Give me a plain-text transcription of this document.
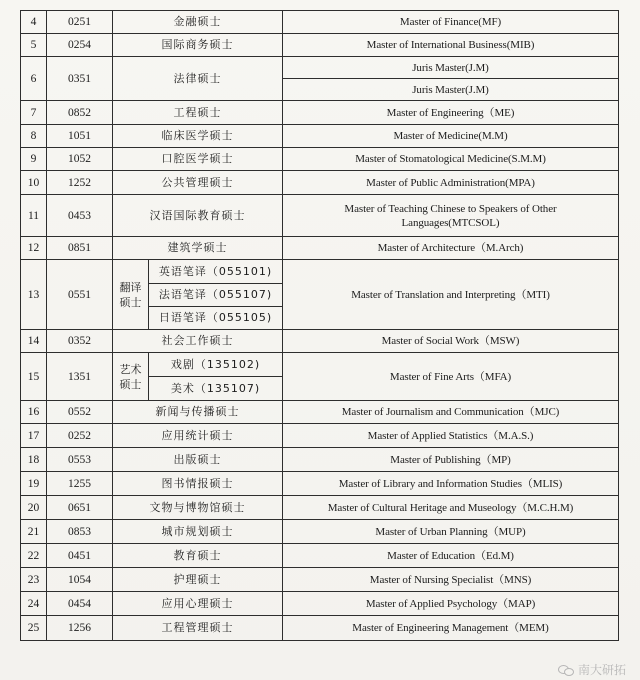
4	0251	金融硕士		Master of Finance(MF)
5	0254	国际商务硕士		Master of International Business(MIB)
6	0351	法律硕士		Juris Master(J.M)
				Juris Master(J.M)
7	0852	工程硕士		Master of Engineering（ME)
8	1051	临床医学硕士		Master of Medicine(M.M)
9	1052	口腔医学硕士		Master of Stomatological Medicine(S.M.M)
10	1252	公共管理硕士		Master of Public Administration(MPA)
11	0453	汉语国际教育硕士		Master of Teaching Chinese to Speakers of Other Languages(MTCSOL)
12	0851	建筑学硕士		Master of Architecture（M.Arch)
13	0551	翻译硕士	英语笔译（055101)	Master of Translation and Interpreting（MTI)
			法语笔译（055107)	
			日语笔译（055105)	
14	0352	社会工作硕士		Master of Social Work（MSW)
15	1351	艺术硕士	戏剧（135102)	Master of Fine Arts（MFA)
			美术（135107)	
16	0552	新闻与传播硕士		Master of Journalism and Communication（MJC)
17	0252	应用统计硕士		Master of Applied Statistics（M.A.S.)
18	0553	出版硕士		Master of Publishing（MP)
19	1255	图书情报硕士		Master of Library and Information Studies（MLIS)
20	0651	文物与博物馆硕士		Master of Cultural Heritage and Museology（M.C.H.M)
21	0853	城市规划硕士		Master of Urban Planning（MUP)
22	0451	教育硕士		Master of Education（Ed.M)
23	1054	护理硕士		Master of Nursing Specialist（MNS)
24	0454	应用心理硕士		Master of Applied Psychology（MAP)
25	1256	工程管理硕士		Master of Engineering Management（MEM)
南大研拓
